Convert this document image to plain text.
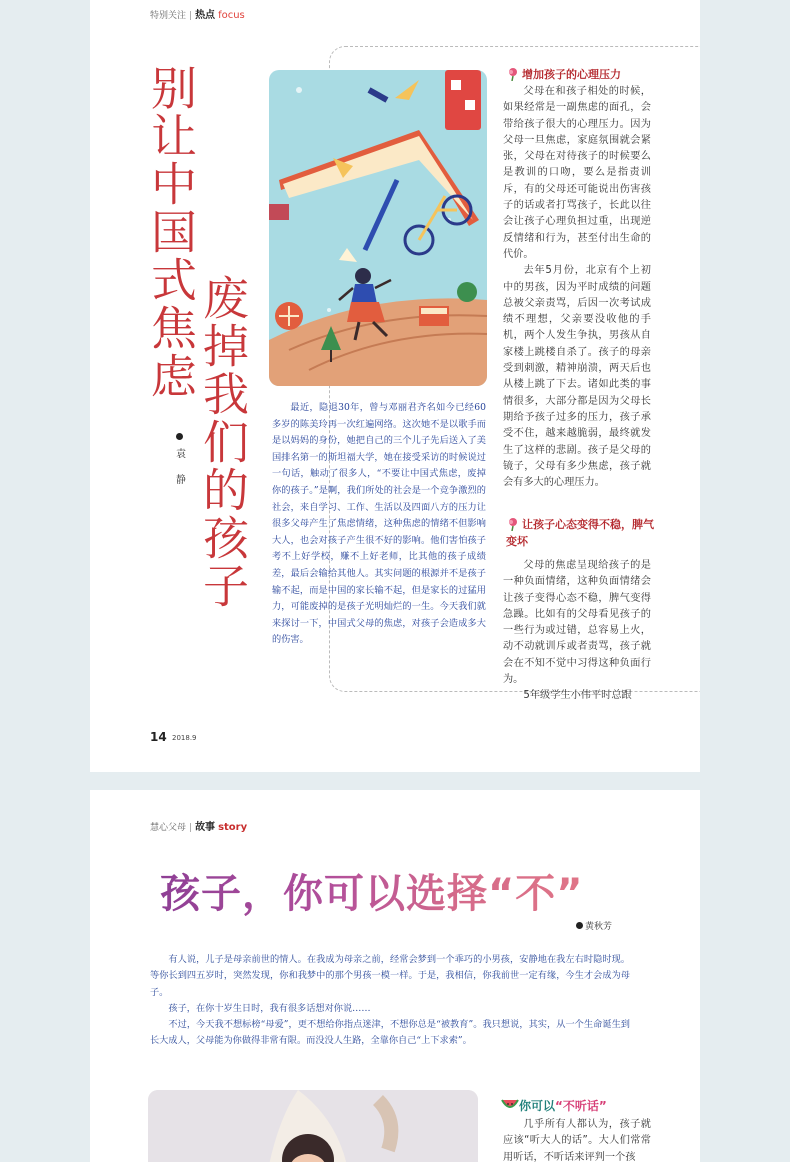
特别关注 | 热点 focus
别让中国式焦虑
废掉我们的孩子
袁 静
最近，隐退30年，曾与邓丽君齐名如今已经60多岁的陈美玲再一次红遍网络。这次她不是以歌手而是以妈妈的身份，她把自己的三个儿子先后送入了美国排名第一的斯坦福大学，她在接受采访的时候说过一句话，触动了很多人，“不要让中国式焦虑，废掉你的孩子。”是啊，我们所处的社会是一个竞争激烈的社会，来自学习、工作、生活以及四面八方的压力让很多父母产生了焦虑情绪，这种焦虑的情绪不但影响大人，也会对孩子产生很不好的影响。他们害怕孩子考不上好学校，赚不上好老师，比其他的孩子成绩差，最后会输给其他人。其实问题的根源并不是孩子输不起，而是中国的家长输不起，但是家长的过猛用力，可能废掉的是孩子光明灿烂的一生。今天我们就来探讨一下，中国式父母的焦虑，对孩子会造成多大的伤害。
增加孩子的心理压力

父母在和孩子相处的时候，如果经常是一副焦虑的面孔，会带给孩子很大的心理压力。因为父母一旦焦虑，家庭氛围就会紧张，父母在对待孩子的时候要么是教训的口吻，要么是指责训斥，有的父母还可能说出伤害孩子的话或者打骂孩子，长此以往会让孩子心理负担过重，出现逆反情绪和行为，甚至付出生命的代价。

去年5月份，北京有个上初中的男孩，因为平时成绩的问题总被父亲责骂，后因一次考试成绩不理想，父亲要没收他的手机，两个人发生争执，男孩从自家楼上跳楼自杀了。孩子的母亲受到刺激，精神崩溃，两天后也从楼上跳了下去。诸如此类的事情很多，大部分都是因为父母长期给予孩子过多的压力，孩子承受不住，越来越脆弱，最终就发生了这样的悲剧。孩子是父母的镜子，父母有多少焦虑，孩子就会有多大的心理压力。

让孩子心态变得不稳，脾气变坏

父母的焦虑呈现给孩子的是一种负面情绪，这种负面情绪会让孩子变得心态不稳，脾气变得急躁。比如有的父母看见孩子的一些行为或过错，总容易上火，动不动就训斥或者责骂，孩子就会在不知不觉中习得这种负面行为。

5年级学生小伟平时总跟

14 2018.9
慧心父母 | 故事 story
孩子，你可以选择“不”
黄秋芳

有人说，儿子是母亲前世的情人。在我成为母亲之前，经常会梦到一个乖巧的小男孩，安静地在我左右时隐时现。等你长到四五岁时，突然发现，你和我梦中的那个男孩一模一样。于是，我相信，你我前世一定有缘，今生才会成为母子。

孩子，在你十岁生日时，我有很多话想对你说……

不过，今天我不想标榜“母爱”，更不想给你指点迷津，不想你总是“被教育”。我只想说，其实，从一个生命诞生到长大成人，父母能为你做得非常有限。而没没人生路，全靠你自己“上下求索”。

你可以“不听话”

几乎所有人都认为，孩子就应该“听大人的话”。大人们常常用听话，不听话来评判一个孩
